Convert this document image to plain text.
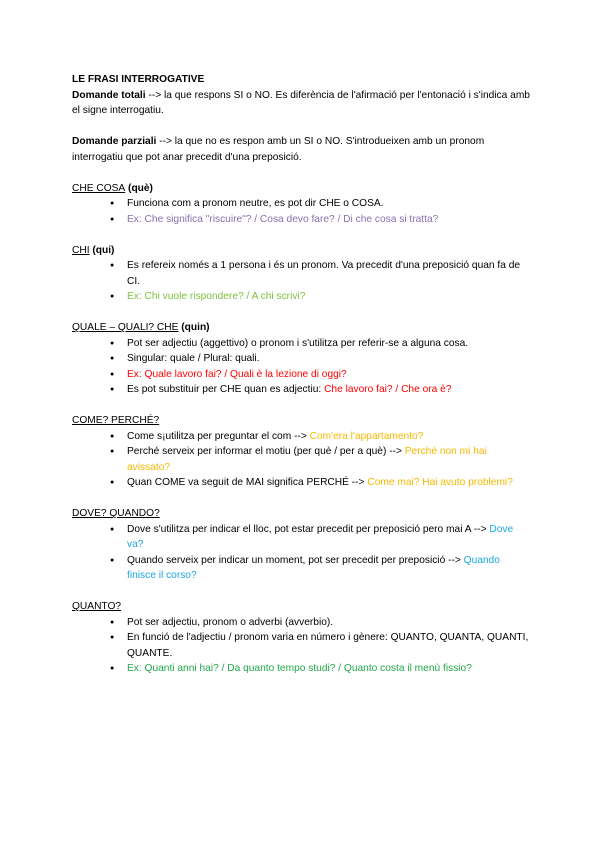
LE FRASI INTERROGATIVE

Domande totali --> la que respons SI o NO. Es diferència de l'afirmació per l'entonació i s'indica amb el signe interrogatiu.

Domande parziali --> la que no es respon amb un SI o NO. S'introdueixen amb un pronom interrogatiu que pot anar precedit d'una preposició.

CHE COSA (què)
● Funciona com a pronom neutre, es pot dir CHE o COSA.
● Ex: Che significa "riscuire"? / Cosa devo fare? / Di che cosa si tratta?
CHI (qui)
● Es refereix només a 1 persona i és un pronom. Va precedit d'una preposició quan fa de CI.
● Ex: Chi vuole rispondere? / A chi scrivi?
QUALE – QUALI? CHE (quin)
● Pot ser adjectiu (aggettivo) o pronom i s'utilitza per referir-se a alguna cosa.
● Singular: quale / Plural: quali.
● Ex: Quale lavoro fai? / Quali è la lezione di oggi?
● Es pot substituir per CHE quan es adjectiu: Che lavoro fai? / Che ora è?
COME? PERCHÉ?
● Come s¡utilitza per preguntar el com --> Com'era l'appartamento?
● Perché serveix per informar el motiu (per què / per a què) --> Perché non mi hai avissato?
● Quan COME va seguit de MAI significa PERCHÉ --> Come mai? Hai avuto problemi?
DOVE? QUANDO?
● Dove s'utilitza per indicar el lloc, pot estar precedit per preposició pero mai A --> Dove va?
● Quando serveix per indicar un moment, pot ser precedit per preposició --> Quando finisce il corso?
QUANTO?
● Pot ser adjectiu, pronom o adverbi (avverbio).
● En funció de l'adjectiu / pronom varia en número i gènere: QUANTO, QUANTA, QUANTI, QUANTE.
● Ex: Quanti anni hai? / Da quanto tempo studi? / Quanto costa il menù fissio?
